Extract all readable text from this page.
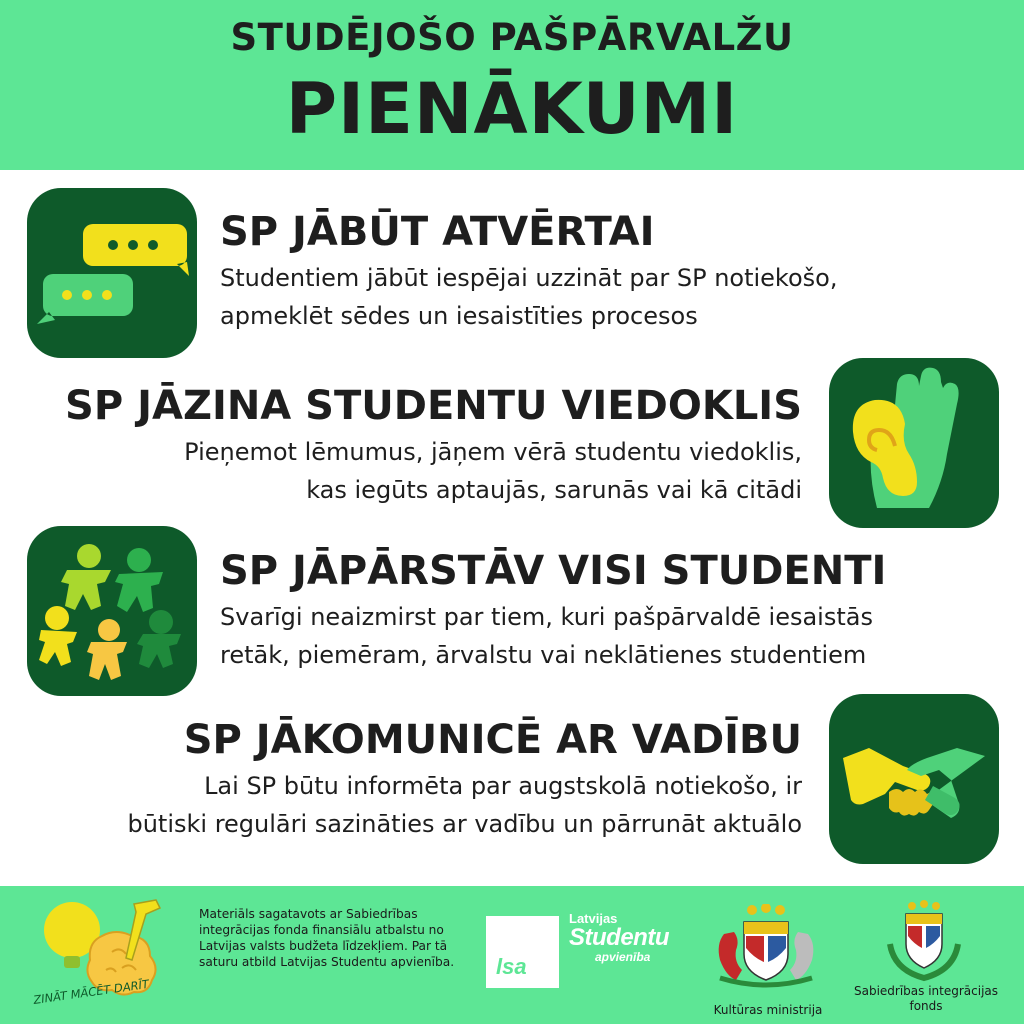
STUDĒJOŠO PAŠPĀRVALŽU
PIENĀKUMI
SP JĀBŪT ATVĒRTAI
Studentiem jābūt iespējai uzzināt par SP notiekošo,
apmeklēt sēdes un iesaistīties procesos
SP JĀZINA STUDENTU VIEDOKLIS
Pieņemot lēmumus, jāņem vērā studentu viedoklis,
kas iegūts aptaujās, sarunās vai kā citādi
SP JĀPĀRSTĀV VISI STUDENTI
Svarīgi neaizmirst par tiem, kuri pašpārvaldē iesaistās
retāk, piemēram, ārvalstu vai neklātienes studentiem
SP JĀKOMUNICĒ AR VADĪBU
Lai SP būtu informēta par augstskolā notiekošo, ir
būtiski regulāri sazināties ar vadību un pārrunāt aktuālo
ZINĀT MĀCĒT DARĪT
Materiāls sagatavots ar Sabiedrības integrācijas fonda finansiālu atbalstu no Latvijas valsts budžeta līdzekļiem. Par tā saturu atbild Latvijas Studentu apvienība.	lsa
Latvijas
Studentu
apvienība
Kultūras ministrija
Sabiedrības integrācijas
fonds
